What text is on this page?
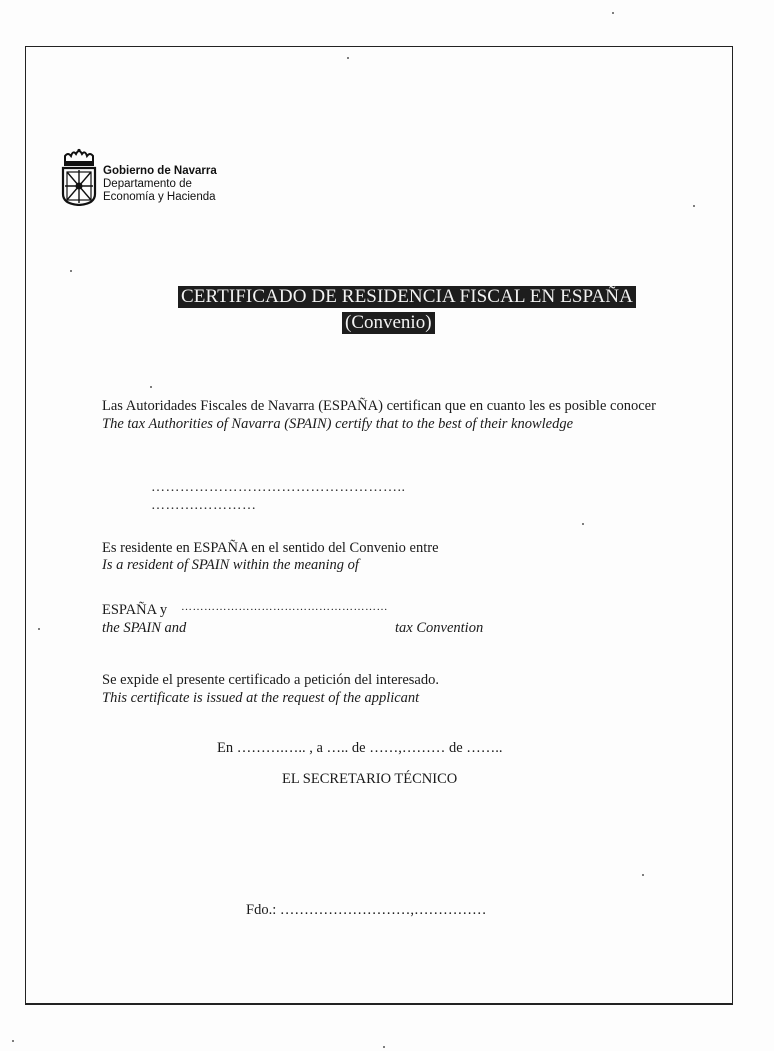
Gobierno de Navarra
Departamento de
Economía y Hacienda
CERTIFICADO DE RESIDENCIA FISCAL EN ESPAÑA
(Convenio)
Las Autoridades Fiscales de Navarra (ESPAÑA) certifican que en cuanto les es posible conocer
The tax Authorities of Navarra (SPAIN) certify that to the best of their knowledge
……………………………………………..
……….…………
Es residente en ESPAÑA en el sentido del Convenio entre
Is a resident of SPAIN within the meaning of
ESPAÑA y ………………………………………………
the SPAIN and	tax Convention
Se expide el presente certificado a petición del interesado.
This certificate is issued at the request of the applicant
En ……….….. , a ….. de ……,……… de ……..
EL SECRETARIO TÉCNICO
Fdo.: ………………………,……………
